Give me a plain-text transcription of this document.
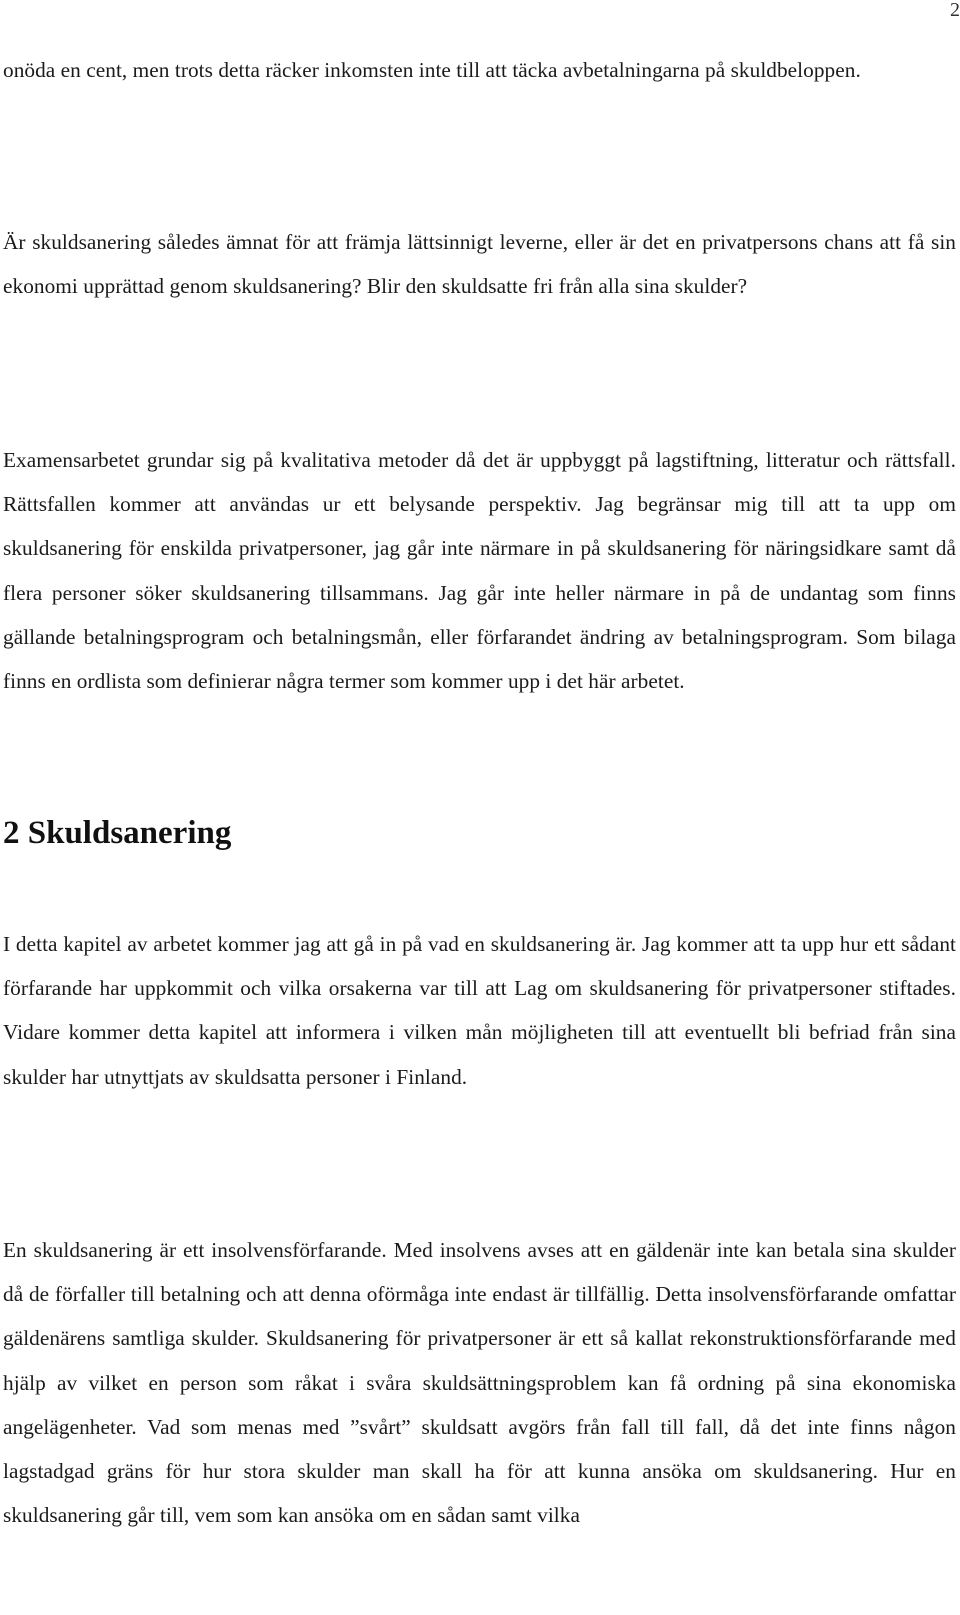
2

onöda en cent, men trots detta räcker inkomsten inte till att täcka avbetalningarna på skuldbeloppen.

Är skuldsanering således ämnat för att främja lättsinnigt leverne, eller är det en privatpersons chans att få sin ekonomi upprättad genom skuldsanering? Blir den skuldsatte fri från alla sina skulder?

Examensarbetet grundar sig på kvalitativa metoder då det är uppbyggt på lagstiftning, litteratur och rättsfall. Rättsfallen kommer att användas ur ett belysande perspektiv. Jag begränsar mig till att ta upp om skuldsanering för enskilda privatpersoner, jag går inte närmare in på skuldsanering för näringsidkare samt då flera personer söker skuldsanering tillsammans. Jag går inte heller närmare in på de undantag som finns gällande betalningsprogram och betalningsmån, eller förfarandet ändring av betalningsprogram. Som bilaga finns en ordlista som definierar några termer som kommer upp i det här arbetet.

2 Skuldsanering

I detta kapitel av arbetet kommer jag att gå in på vad en skuldsanering är. Jag kommer att ta upp hur ett sådant förfarande har uppkommit och vilka orsakerna var till att Lag om skuldsanering för privatpersoner stiftades. Vidare kommer detta kapitel att informera i vilken mån möjligheten till att eventuellt bli befriad från sina skulder har utnyttjats av skuldsatta personer i Finland.

En skuldsanering är ett insolvensförfarande. Med insolvens avses att en gäldenär inte kan betala sina skulder då de förfaller till betalning och att denna oförmåga inte endast är tillfällig. Detta insolvensförfarande omfattar gäldenärens samtliga skulder. Skuldsanering för privatpersoner är ett så kallat rekonstruktionsförfarande med hjälp av vilket en person som råkat i svåra skuldsättningsproblem kan få ordning på sina ekonomiska angelägenheter. Vad som menas med ”svårt” skuldsatt avgörs från fall till fall, då det inte finns någon lagstadgad gräns för hur stora skulder man skall ha för att kunna ansöka om skuldsanering. Hur en skuldsanering går till, vem som kan ansöka om en sådan samt vilka
